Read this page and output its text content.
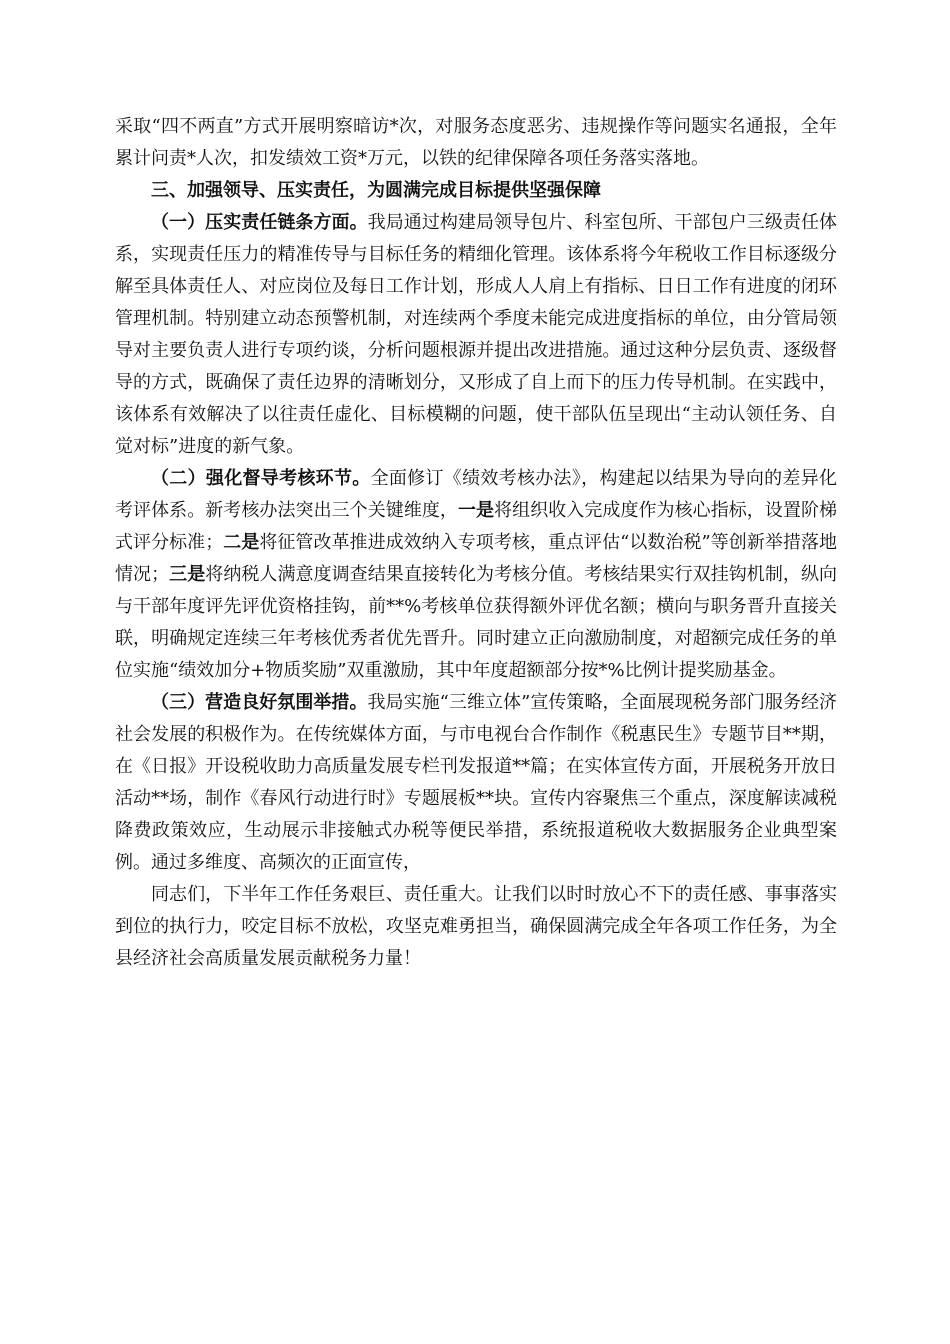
采取“四不两直”方式开展明察暗访*次，对服务态度恶劣、违规操作等问题实名通报，全年累计问责*人次，扣发绩效工资*万元，以铁的纪律保障各项任务落实落地。

三、加强领导、压实责任，为圆满完成目标提供坚强保障

（一）压实责任链条方面。我局通过构建局领导包片、科室包所、干部包户三级责任体系，实现责任压力的精准传导与目标任务的精细化管理。该体系将今年税收工作目标逐级分解至具体责任人、对应岗位及每日工作计划，形成人人肩上有指标、日日工作有进度的闭环管理机制。特别建立动态预警机制，对连续两个季度未能完成进度指标的单位，由分管局领导对主要负责人进行专项约谈，分析问题根源并提出改进措施。通过这种分层负责、逐级督导的方式，既确保了责任边界的清晰划分，又形成了自上而下的压力传导机制。在实践中，该体系有效解决了以往责任虚化、目标模糊的问题，使干部队伍呈现出“主动认领任务、自觉对标”进度的新气象。

（二）强化督导考核环节。全面修订《绩效考核办法》，构建起以结果为导向的差异化考评体系。新考核办法突出三个关键维度，一是将组织收入完成度作为核心指标，设置阶梯式评分标准；二是将征管改革推进成效纳入专项考核，重点评估“以数治税”等创新举措落地情况；三是将纳税人满意度调查结果直接转化为考核分值。考核结果实行双挂钩机制，纵向与干部年度评先评优资格挂钩，前**%考核单位获得额外评优名额；横向与职务晋升直接关联，明确规定连续三年考核优秀者优先晋升。同时建立正向激励制度，对超额完成任务的单位实施“绩效加分+物质奖励”双重激励，其中年度超额部分按*%比例计提奖励基金。

（三）营造良好氛围举措。我局实施“三维立体”宣传策略，全面展现税务部门服务经济社会发展的积极作为。在传统媒体方面，与市电视台合作制作《税惠民生》专题节目**期，在《日报》开设税收助力高质量发展专栏刊发报道**篇；在实体宣传方面，开展税务开放日活动**场，制作《春风行动进行时》专题展板**块。宣传内容聚焦三个重点，深度解读减税降费政策效应，生动展示非接触式办税等便民举措，系统报道税收大数据服务企业典型案例。通过多维度、高频次的正面宣传，

同志们，下半年工作任务艰巨、责任重大。让我们以时时放心不下的责任感、事事落实到位的执行力，咬定目标不放松，攻坚克难勇担当，确保圆满完成全年各项工作任务，为全县经济社会高质量发展贡献税务力量！
